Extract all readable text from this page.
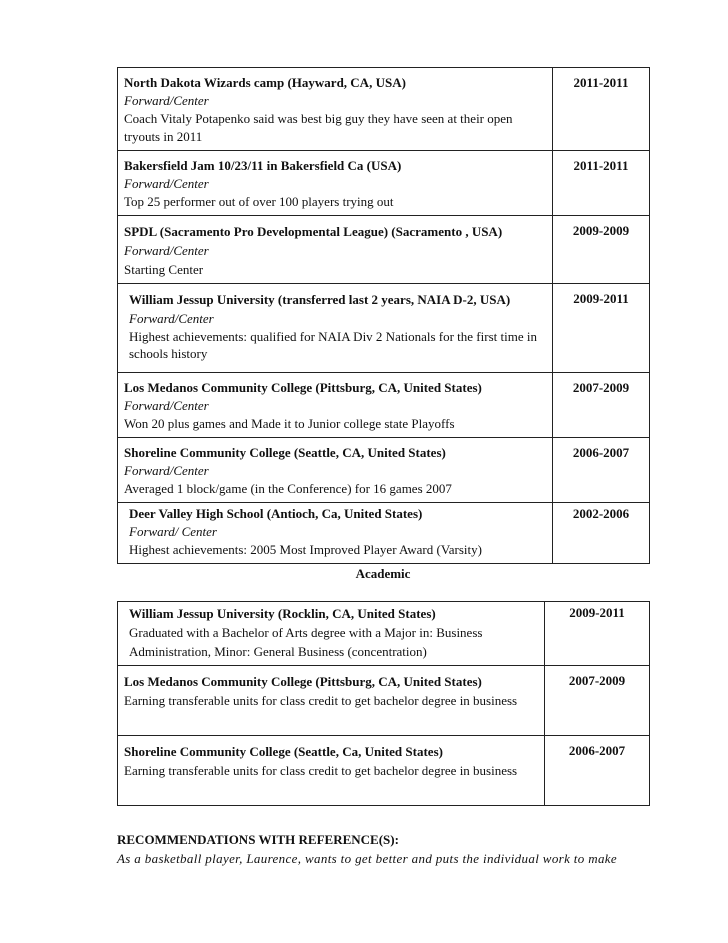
North Dakota Wizards camp (Hayward, CA, USA)
Forward/Center
Coach Vitaly Potapenko said was best big guy they have seen at their open tryouts in 2011	2011-2011

Bakersfield Jam 10/23/11 in Bakersfield Ca (USA)
Forward/Center
Top 25 performer out of over 100 players trying out	2011-2011

SPDL (Sacramento Pro Developmental League) (Sacramento , USA)
Forward/Center
Starting Center	2009-2009

William Jessup University (transferred last 2 years, NAIA D-2, USA)
Forward/Center
Highest achievements: qualified for NAIA Div 2 Nationals for the first time in schools history	2009-2011

Los Medanos Community College (Pittsburg, CA, United States)
Forward/Center
Won 20 plus games and Made it to Junior college state Playoffs	2007-2009

Shoreline Community College (Seattle, CA, United States)
Forward/Center
Averaged 1 block/game (in the Conference) for 16 games 2007	2006-2007

Deer Valley High School (Antioch, Ca, United States)
Forward/ Center
Highest achievements: 2005 Most Improved Player Award (Varsity)	2002-2006
Academic
William Jessup University (Rocklin, CA, United States)
Graduated with a Bachelor of Arts degree with a Major in: Business Administration, Minor: General Business (concentration)	2009-2011

Los Medanos Community College (Pittsburg, CA, United States)
Earning transferable units for class credit to get bachelor degree in business	2007-2009

Shoreline Community College (Seattle, Ca, United States)
Earning transferable units for class credit to get bachelor degree in business	2006-2007
RECOMMENDATIONS WITH REFERENCE(S):
As a basketball player, Laurence, wants to get better and puts the individual work to make
